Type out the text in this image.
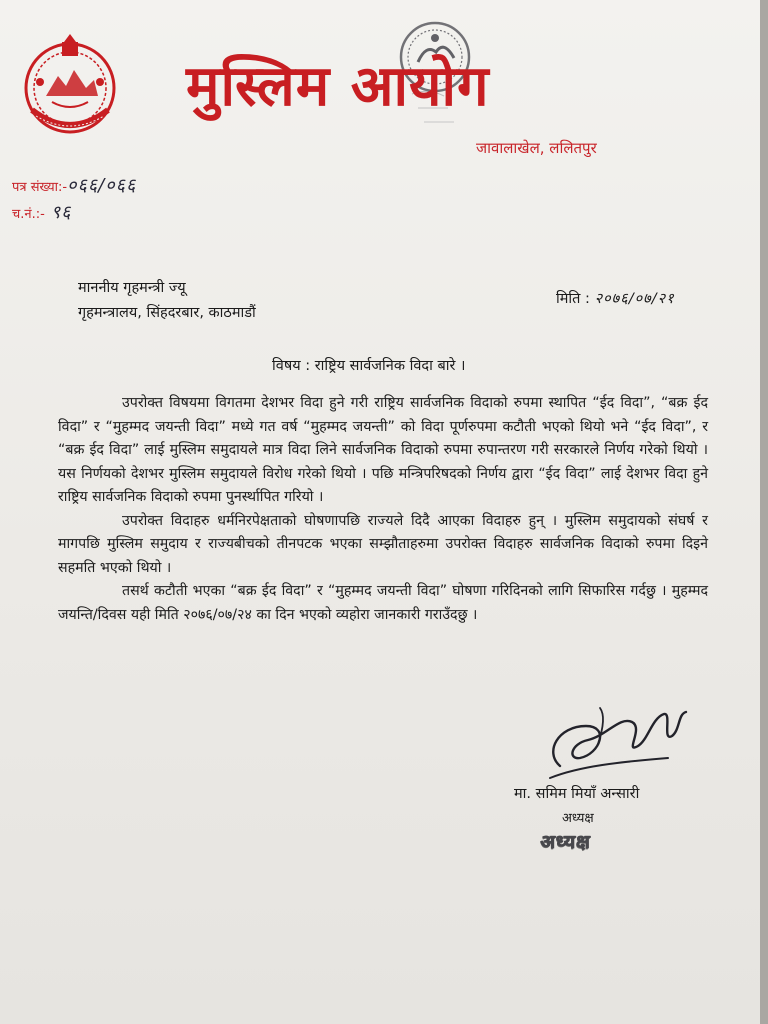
मुस्लिम आयोग
जावालाखेल, ललितपुर
पत्र संख्या:-०६६/०६६
च.नं.:- ९६
माननीय गृहमन्त्री ज्यू
गृहमन्त्रालय, सिंहदरबार, काठमाडौं
मिति : २०७६/०७/२१
विषय : राष्ट्रिय सार्वजनिक विदा बारे ।

उपरोक्त विषयमा विगतमा देशभर विदा हुने गरी राष्ट्रिय सार्वजनिक विदाको रुपमा स्थापित “ईद विदा”, “बक्र ईद विदा” र “मुहम्मद जयन्ती विदा” मध्ये गत वर्ष “मुहम्मद जयन्ती” को विदा पूर्णरुपमा कटौती भएको थियो भने “ईद विदा”, र “बक्र ईद विदा” लाई मुस्लिम समुदायले मात्र विदा लिने सार्वजनिक विदाको रुपमा रुपान्तरण गरी सरकारले निर्णय गरेको थियो । यस निर्णयको देशभर मुस्लिम समुदायले विरोध गरेको थियो । पछि मन्त्रिपरिषदको निर्णय द्वारा “ईद विदा” लाई देशभर विदा हुने राष्ट्रिय सार्वजनिक विदाको रुपमा पुनर्स्थापित गरियो ।

उपरोक्त विदाहरु धर्मनिरपेक्षताको घोषणापछि राज्यले दिदै आएका विदाहरु हुन् । मुस्लिम समुदायको संघर्ष र मागपछि मुस्लिम समुदाय र राज्यबीचको तीनपटक भएका सम्झौताहरुमा उपरोक्त विदाहरु सार्वजनिक विदाको रुपमा दिइने सहमति भएको थियो ।

तसर्थ कटौती भएका “बक्र ईद विदा” र “मुहम्मद जयन्ती विदा” घोषणा गरिदिनको लागि सिफारिस गर्दछु । मुहम्मद जयन्ति/दिवस यही मिति २०७६/०७/२४ का दिन भएको व्यहोरा जानकारी गराउँदछु ।

मा. समिम मियाँ अन्सारी
अध्यक्ष
अध्यक्ष
